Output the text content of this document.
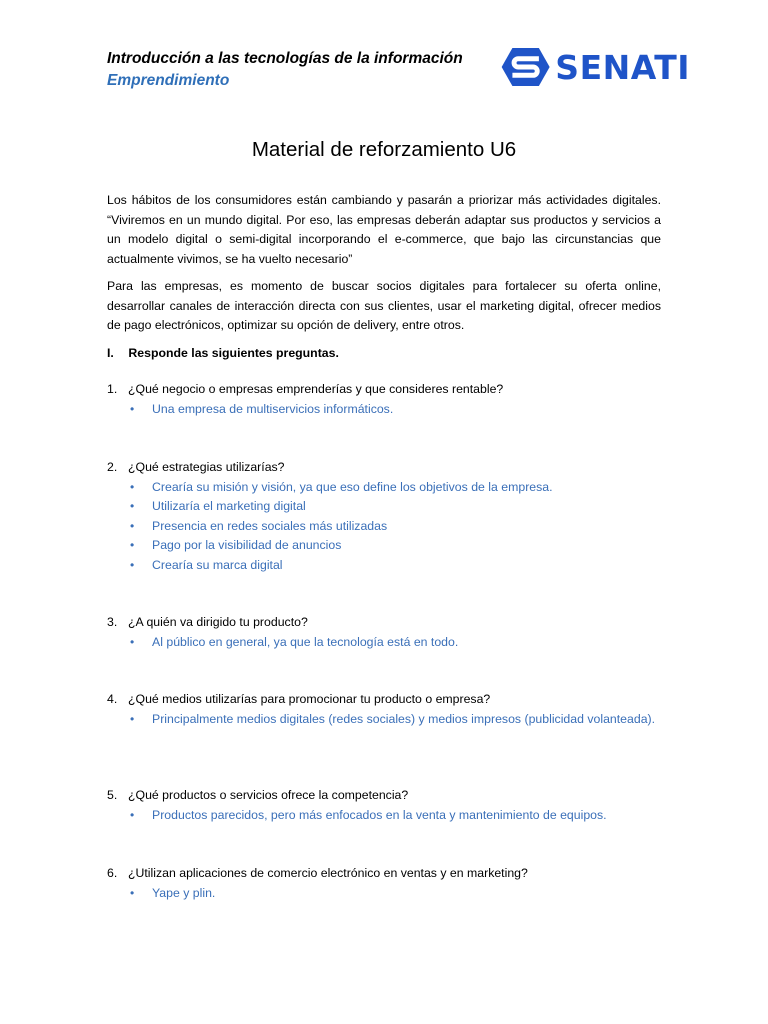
Introducción a las tecnologías de la información
Emprendimiento	SENATI
Material de reforzamiento U6
Los hábitos de los consumidores están cambiando y pasarán a priorizar más actividades digitales. “Viviremos en un mundo digital. Por eso, las empresas deberán adaptar sus productos y servicios a un modelo digital o semi-digital incorporando el e-commerce, que bajo las circunstancias que actualmente vivimos, se ha vuelto necesario”
Para las empresas, es momento de buscar socios digitales para fortalecer su oferta online, desarrollar canales de interacción directa con sus clientes, usar el marketing digital, ofrecer medios de pago electrónicos, optimizar su opción de delivery, entre otros.
I. Responde las siguientes preguntas.
1. ¿Qué negocio o empresas emprenderías y que consideres rentable?
• Una empresa de multiservicios informáticos.
2. ¿Qué estrategias utilizarías?
• Crearía su misión y visión, ya que eso define los objetivos de la empresa.
• Utilizaría el marketing digital
• Presencia en redes sociales más utilizadas
• Pago por la visibilidad de anuncios
• Crearía su marca digital
3. ¿A quién va dirigido tu producto?
• Al público en general, ya que la tecnología está en todo.
4. ¿Qué medios utilizarías para promocionar tu producto o empresa?
• Principalmente medios digitales (redes sociales) y medios impresos (publicidad volanteada).
5. ¿Qué productos o servicios ofrece la competencia?
• Productos parecidos, pero más enfocados en la venta y mantenimiento de equipos.
6. ¿Utilizan aplicaciones de comercio electrónico en ventas y en marketing?
• Yape y plin.
